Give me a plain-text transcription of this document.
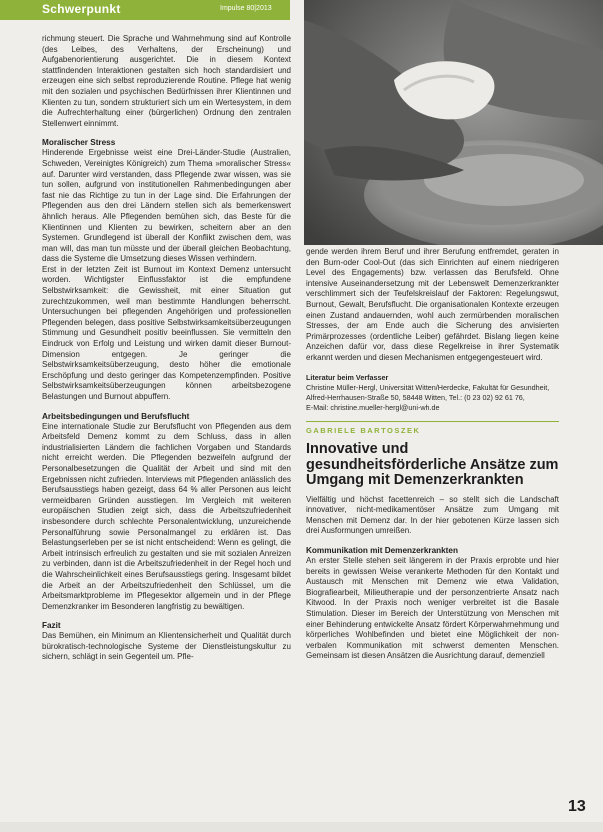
Schwerpunkt	Impulse 80|2013

richmung steuert. Die Sprache und Wahrnehmung sind auf Kontrolle (des Leibes, des Verhaltens, der Erscheinung) und Aufgabenorientierung ausgerichtet. Die in diesem Kontext stattfindenden Interaktionen gestalten sich hoch standardisiert und erzeugen eine sich selbst reproduzierende Routine. Pflege hat wenig mit den sozialen und psychischen Bedürfnissen ihrer Klientinnen und Klienten zu tun, sondern strukturiert sich um ein Wertesystem, in dem die Aufrechterhaltung einer (bürgerlichen) Ordnung den zentralen Stellenwert einnimmt.

Moralischer Stress

Hinderende Ergebnisse weist eine Drei-Länder-Studie (Australien, Schweden, Vereinigtes Königreich) zum Thema »moralischer Stress« auf. Darunter wird verstanden, dass Pflegende zwar wissen, was sie tun sollen, aufgrund von institutionellen Rahmenbedingungen aber fast nie das Richtige zu tun in der Lage sind. Die Erfahrungen der Pflegenden aus den drei Ländern stellen sich als bemerkenswert ähnlich heraus. Alle Pflegenden bemühen sich, das Beste für die Klientinnen und Klienten zu bewirken, scheitern aber an den Systemen. Grundlegend ist überall der Konflikt zwischen dem, was man will, das man tun müsste und der überall gleichen Beobachtung, dass die Systeme die Umsetzung dieses Wissen verhindern.

Erst in der letzten Zeit ist Burnout im Kontext Demenz untersucht worden. Wichtigster Einflussfaktor ist die empfundene Selbstwirksamkeit: die Gewissheit, mit einer Situation gut zurechtzukommen, weil man bestimmte Handlungen beherrscht. Untersuchungen bei pflegenden Angehörigen und professionellen Pflegenden belegen, dass positive Selbstwirksamkeitsüberzeugungen Stimmung und Gesundheit positiv beeinflussen. Sie vermitteln den Eindruck von Erfolg und Leistung und wirken damit dieser Burnout-Dimension entgegen. Je geringer die Selbstwirksamkeitsüberzeugung, desto höher die emotionale Erschöpfung und desto geringer das Kompetenzempfinden. Positive Selbstwirksamkeitsüberzeugungen können arbeitsbezogene Belastungen und Burnout abpuffern.

Arbeitsbedingungen und Berufsflucht

Eine internationale Studie zur Berufsflucht von Pflegenden aus dem Arbeitsfeld Demenz kommt zu dem Schluss, dass in allen industrialisierten Ländern die fachlichen Vorgaben und Standards nicht erreicht werden. Die Pflegenden bezweifeln aufgrund der Personalbesetzungen die Qualität der Arbeit und sind mit den Ergebnissen nicht zufrieden. Interviews mit Pflegenden anlässlich des Berufsausstiegs haben gezeigt, dass 64 % aller Personen aus leicht vermeidbaren Gründen ausstiegen. Im Vergleich mit weiteren europäischen Studien zeigt sich, dass die Arbeitszufriedenheit insbesondere durch schlechte Personalentwicklung, unzureichende Personalführung sowie Personalmangel zu erklären ist. Das Belastungserleben per se ist nicht entscheidend: Wenn es gelingt, die Arbeit intrinsisch erfreulich zu gestalten und sie mit sozialen Anreizen zu verbinden, dann ist die Arbeitszufriedenheit in der Regel hoch und die Wahrscheinlichkeit eines Berufsausstiegs gering. Insgesamt bildet die Arbeit an der Arbeitszufriedenheit den Schlüssel, um die Arbeitsmarktprobleme im Pflegesektor allgemein und in der Pflege Demenzkranker im Besonderen langfristig zu bewältigen.

Fazit

Das Bemühen, ein Minimum an Klientensicherheit und Qualität durch bürokratisch-technologische Systeme der Dienstleistungskultur zu sichern, schlägt in sein Gegenteil um. Pfle-

gende werden ihrem Beruf und ihrer Berufung entfremdet, geraten in den Burn-oder Cool-Out (das sich Einrichten auf einem niedrigeren Level des Engagements) bzw. verlassen das Berufsfeld. Ohne intensive Auseinandersetzung mit der Lebenswelt Demenzerkrankter verschlimmert sich der Teufelskreislauf der Faktoren: Regelungswut, Burnout, Gewalt, Berufsflucht. Die organisationalen Kontexte erzeugen einen Zustand andauernden, wohl auch zermürbenden moralischen Stresses, der am Ende auch die Sicherung des anvisierten Primärprozesses (ordentliche Leiber) gefährdet. Bislang liegen keine Anzeichen dafür vor, dass diese Regelkreise in ihrer Systematik erkannt werden und diesen Mechanismen entgegengesteuert wird.

Literatur beim Verfasser
Christine Müller-Hergl, Universität Witten/Herdecke, Fakultät für Gesundheit,
Alfred-Herrhausen-Straße 50, 58448 Witten, Tel.: (0 23 02) 92 61 76,
E-Mail: christine.mueller-hergl@uni-wh.de
GABRIELE BARTOSZEK
Innovative und gesundheitsförderliche Ansätze zum Umgang mit Demenzerkrankten

Vielfältig und höchst facettenreich – so stellt sich die Landschaft innovativer, nicht-medikamentöser Ansätze zum Umgang mit Menschen mit Demenz dar. In der hier gebotenen Kürze lassen sich drei Ausformungen umreißen.

Kommunikation mit Demenzerkrankten

An erster Stelle stehen seit längerem in der Praxis erprobte und hier bereits in gewissen Weise verankerte Methoden für den Kontakt und Austausch mit Menschen mit Demenz wie etwa Validation, Biografiearbeit, Milieutherapie und der personzentrierte Ansatz nach Kitwood. In der Praxis noch weniger verbreitet ist die Basale Stimulation. Dieser im Bereich der Unterstützung von Menschen mit einer Behinderung entwickelte Ansatz fördert Körperwahrnehmung und körperliches Wohlbefinden und bietet eine Möglichkeit der non-verbalen Kommunikation mit schwerst dementen Menschen. Gemeinsam ist diesen Ansätzen die Ausrichtung darauf, demenziell

13
